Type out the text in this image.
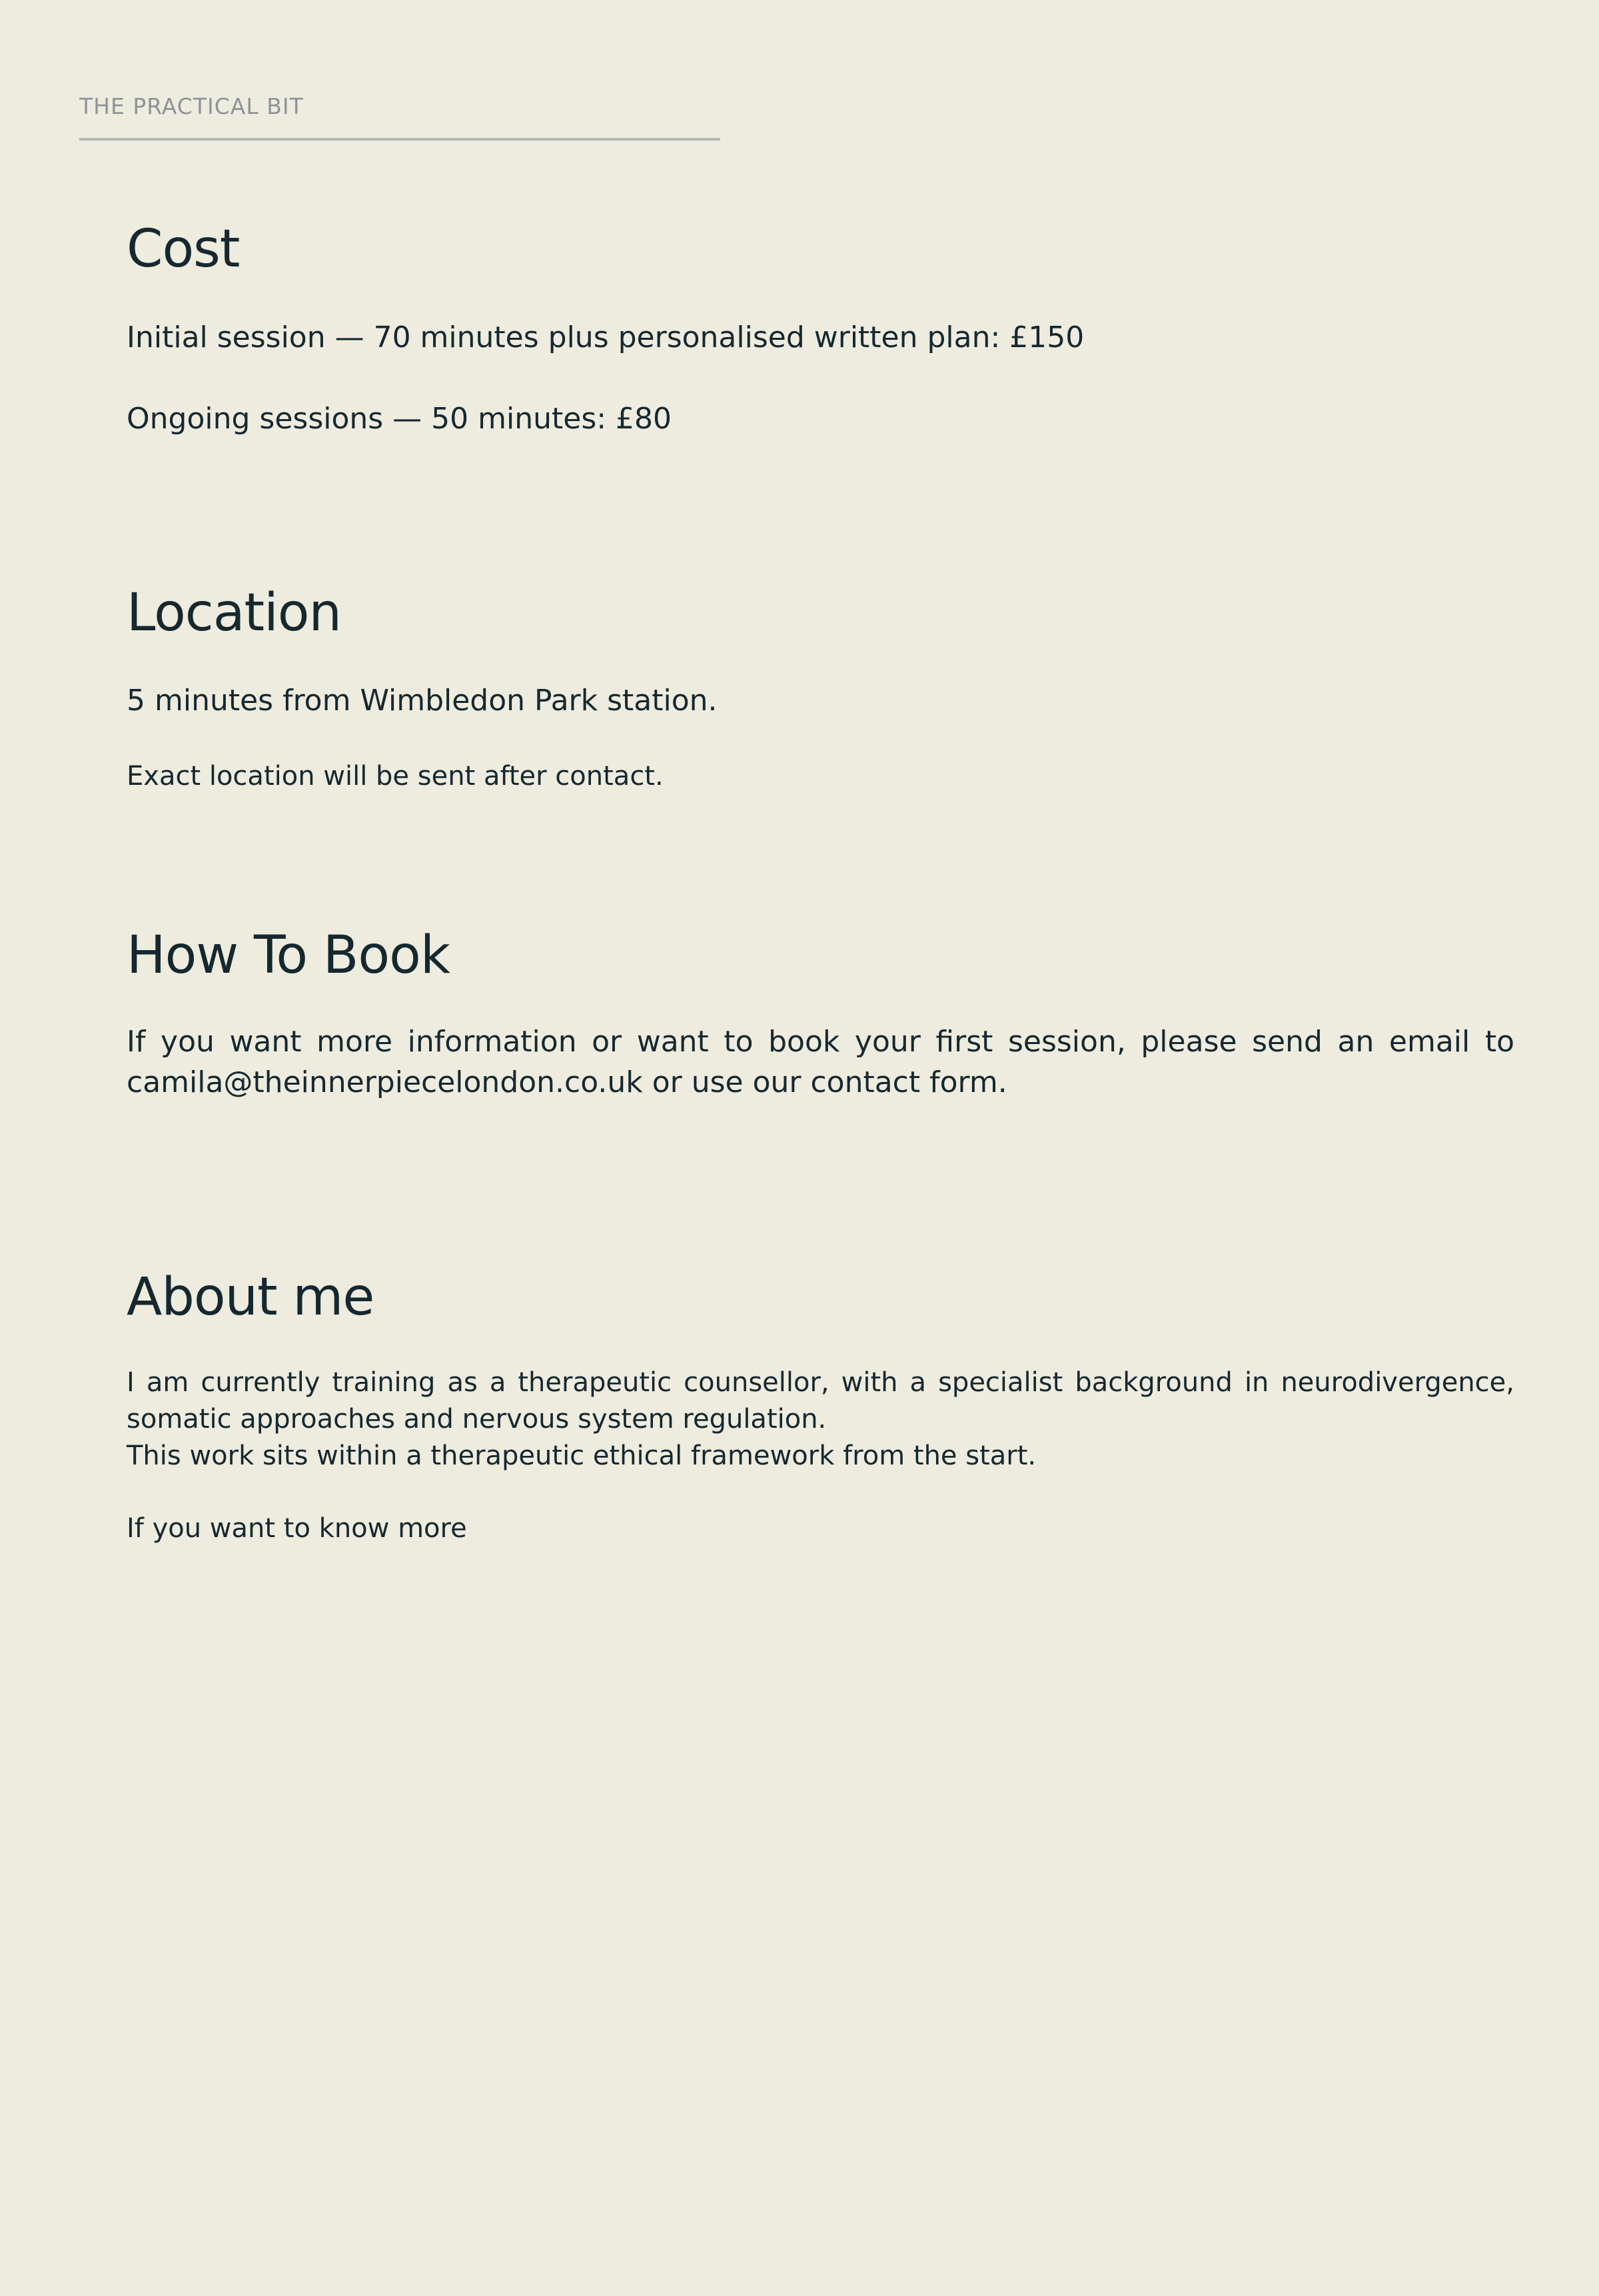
THE PRACTICAL BIT
Cost

Initial session — 70 minutes plus personalised written plan: £150

Ongoing sessions — 50 minutes: £80

Location

5 minutes from Wimbledon Park station.

Exact location will be sent after contact.

How To Book

If you want more information or want to book your first session, please send an email to camila@theinnerpiecelondon.co.uk or use our contact form.

About me

I am currently training as a therapeutic counsellor, with a specialist background in neurodivergence, somatic approaches and nervous system regulation.

This work sits within a therapeutic ethical framework from the start.

If you want to know more
